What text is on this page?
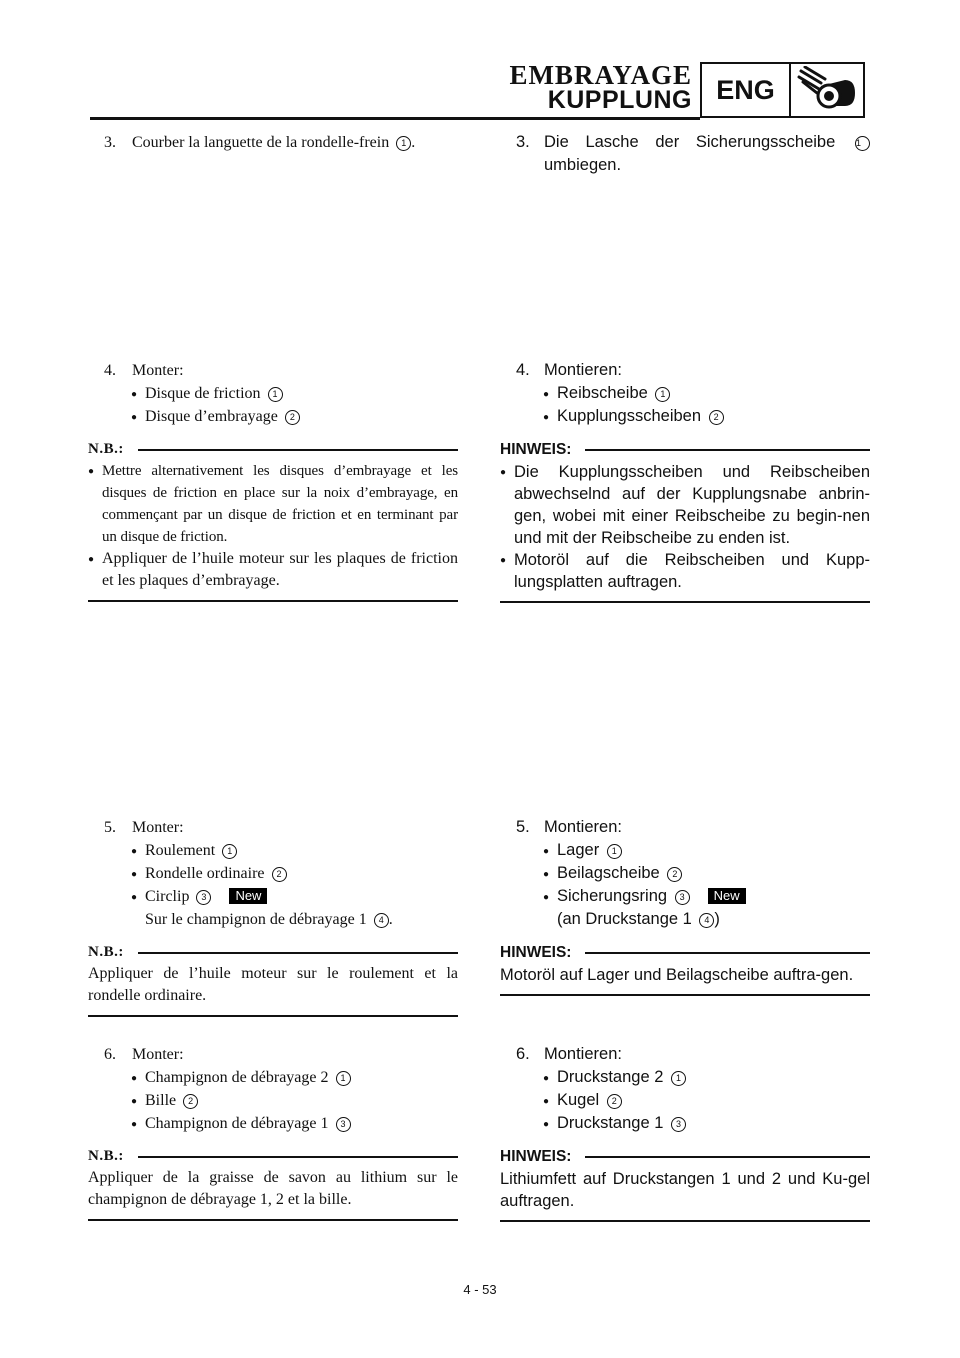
EMBRAYAGE
KUPPLUNG ENG
3. Courber la languette de la rondelle-frein 1 .
4. Monter:
● Disque de friction 1
● Disque d’embrayage 2
N.B.:
● Mettre alternativement les disques d’embrayage et les disques de friction en place sur la noix d’embrayage, en commençant par un disque de friction et en terminant par un disque de friction.
● Appliquer de l’huile moteur sur les plaques de friction et les plaques d’embrayage.
5. Monter:
● Roulement 1
● Rondelle ordinaire 2
● Circlip 3 New
Sur le champignon de débrayage 1 4 .
N.B.:
Appliquer de l’huile moteur sur le roulement et la rondelle ordinaire.
6. Monter:
● Champignon de débrayage 2 1
● Bille 2
● Champignon de débrayage 1 3
N.B.:
Appliquer de la graisse de savon au lithium sur le champignon de débrayage 1, 2 et la bille.
3. Die Lasche der Sicherungsscheibe 1
umbiegen.
4. Montieren:
● Reibscheibe 1
● Kupplungsscheiben 2
HINWEIS:
● Die Kupplungsscheiben und Reibscheiben abwechselnd auf der Kupplungsnabe anbrin-gen, wobei mit einer Reibscheibe zu begin-nen und mit der Reibscheibe zu enden ist.
● Motoröl auf die Reibscheiben und Kupp-lungsplatten auftragen.
5. Montieren:
● Lager 1
● Beilagscheibe 2
● Sicherungsring 3 New
(an Druckstange 1 4 )
HINWEIS:
Motoröl auf Lager und Beilagscheibe auftra-gen.
6. Montieren:
● Druckstange 2 1
● Kugel 2
● Druckstange 1 3
HINWEIS:
Lithiumfett auf Druckstangen 1 und 2 und Ku-gel auftragen.
4 - 53
